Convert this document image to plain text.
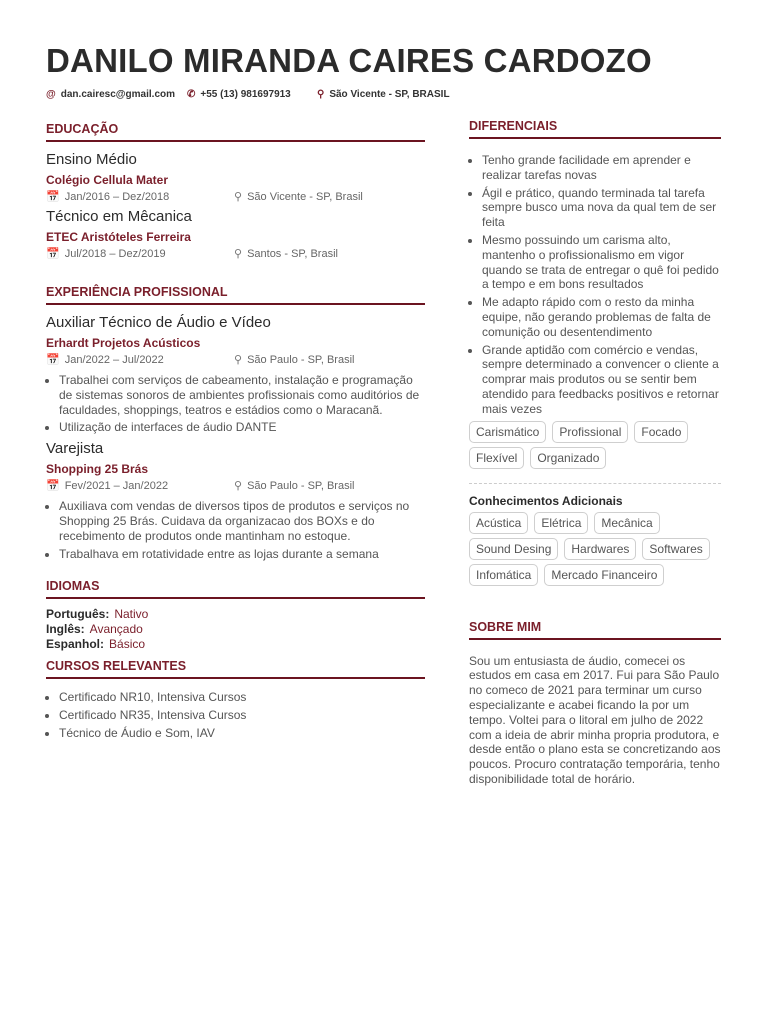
DANILO MIRANDA CAIRES CARDOZO
@ dan.cairesc@gmail.com ✆ +55 (13) 981697913	⚲ São Vicente - SP, BRASIL
EDUCAÇÃO
Ensino Médio
Colégio Cellula Mater
📅 Jan/2016 – Dez/2018	⚲ São Vicente - SP, Brasil
Técnico em Mêcanica
ETEC Aristóteles Ferreira
📅 Jul/2018 – Dez/2019	⚲ Santos - SP, Brasil
EXPERIÊNCIA PROFISSIONAL
Auxiliar Técnico de Áudio e Vídeo
Erhardt Projetos Acústicos
📅 Jan/2022 – Jul/2022	⚲ São Paulo - SP, Brasil
• Trabalhei com serviços de cabeamento, instalação e programação de sistemas sonoros de ambientes profissionais como auditórios de faculdades, shoppings, teatros e estádios como o Maracanã.
• Utilização de interfaces de áudio DANTE
Varejista
Shopping 25 Brás
📅 Fev/2021 – Jan/2022	⚲ São Paulo - SP, Brasil
• Auxiliava com vendas de diversos tipos de produtos e serviços no Shopping 25 Brás. Cuidava da organizacao dos BOXs e do recebimento de produtos onde mantinham no estoque.
• Trabalhava em rotatividade entre as lojas durante a semana
IDIOMAS
Português: Nativo
Inglês: Avançado
Espanhol: Básico
CURSOS RELEVANTES
• Certificado NR10, Intensiva Cursos
• Certificado NR35, Intensiva Cursos
• Técnico de Áudio e Som, IAV
DIFERENCIAIS
• Tenho grande facilidade em aprender e realizar tarefas novas
• Ágil e prático, quando terminada tal tarefa sempre busco uma nova da qual tem de ser feita
• Mesmo possuindo um carisma alto, mantenho o profissionalismo em vigor quando se trata de entregar o quê foi pedido a tempo e em bons resultados
• Me adapto rápido com o resto da minha equipe, não gerando problemas de falta de comunição ou desentendimento
• Grande aptidão com comércio e vendas, sempre determinado a convencer o cliente a comprar mais produtos ou se sentir bem atendido para feedbacks positivos e retornar mais vezes
Carismático	Profissional	Focado
Flexível	Organizado
Conhecimentos Adicionais
Acústica	Elétrica	Mecânica
Sound Desing	Hardwares	Softwares
Infomática	Mercado Financeiro
SOBRE MIM
Sou um entusiasta de áudio, comecei os estudos em casa em 2017. Fui para São Paulo no comeco de 2021 para terminar um curso especializante e acabei ficando la por um tempo. Voltei para o litoral em julho de 2022 com a ideia de abrir minha propria produtora, e desde então o plano esta se concretizando aos poucos. Procuro contratação temporária, tenho disponibilidade total de horário.
